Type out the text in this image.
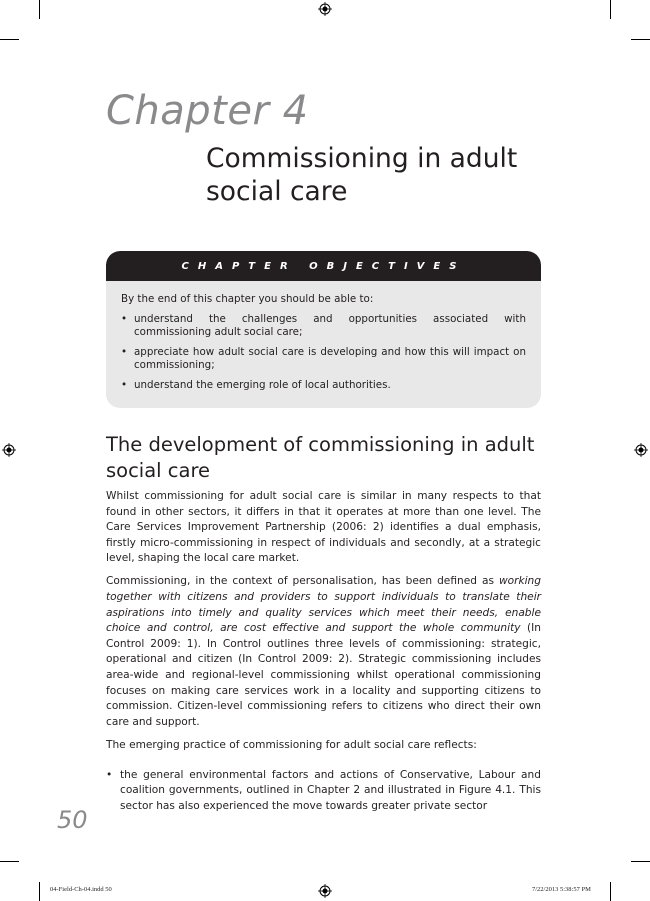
Chapter 4
Commissioning in adult social care
CHAPTER OBJECTIVES

By the end of this chapter you should be able to:

• understand the challenges and opportunities associated with commissioning adult social care;
• appreciate how adult social care is developing and how this will impact on commissioning;
• understand the emerging role of local authorities.
The development of commissioning in adult social care

Whilst commissioning for adult social care is similar in many respects to that found in other sectors, it differs in that it operates at more than one level. The Care Services Improvement Partnership (2006: 2) identifies a dual emphasis, firstly micro-commissioning in respect of individuals and secondly, at a strategic level, shaping the local care market.

Commissioning, in the context of personalisation, has been defined as working together with citizens and providers to support individuals to translate their aspirations into timely and quality services which meet their needs, enable choice and control, are cost effective and support the whole community (In Control 2009: 1). In Control outlines three levels of commissioning: strategic, operational and citizen (In Control 2009: 2). Strategic commissioning includes area-wide and regional-level commissioning whilst operational commissioning focuses on making care services work in a locality and supporting citizens to commission. Citizen-level commissioning refers to citizens who direct their own care and support.

The emerging practice of commissioning for adult social care reflects:

• the general environmental factors and actions of Conservative, Labour and coalition governments, outlined in Chapter 2 and illustrated in Figure 4.1. This sector has also experienced the move towards greater private sector
50
04-Field-Ch-04.indd 50	7/22/2013 5:38:57 PM
